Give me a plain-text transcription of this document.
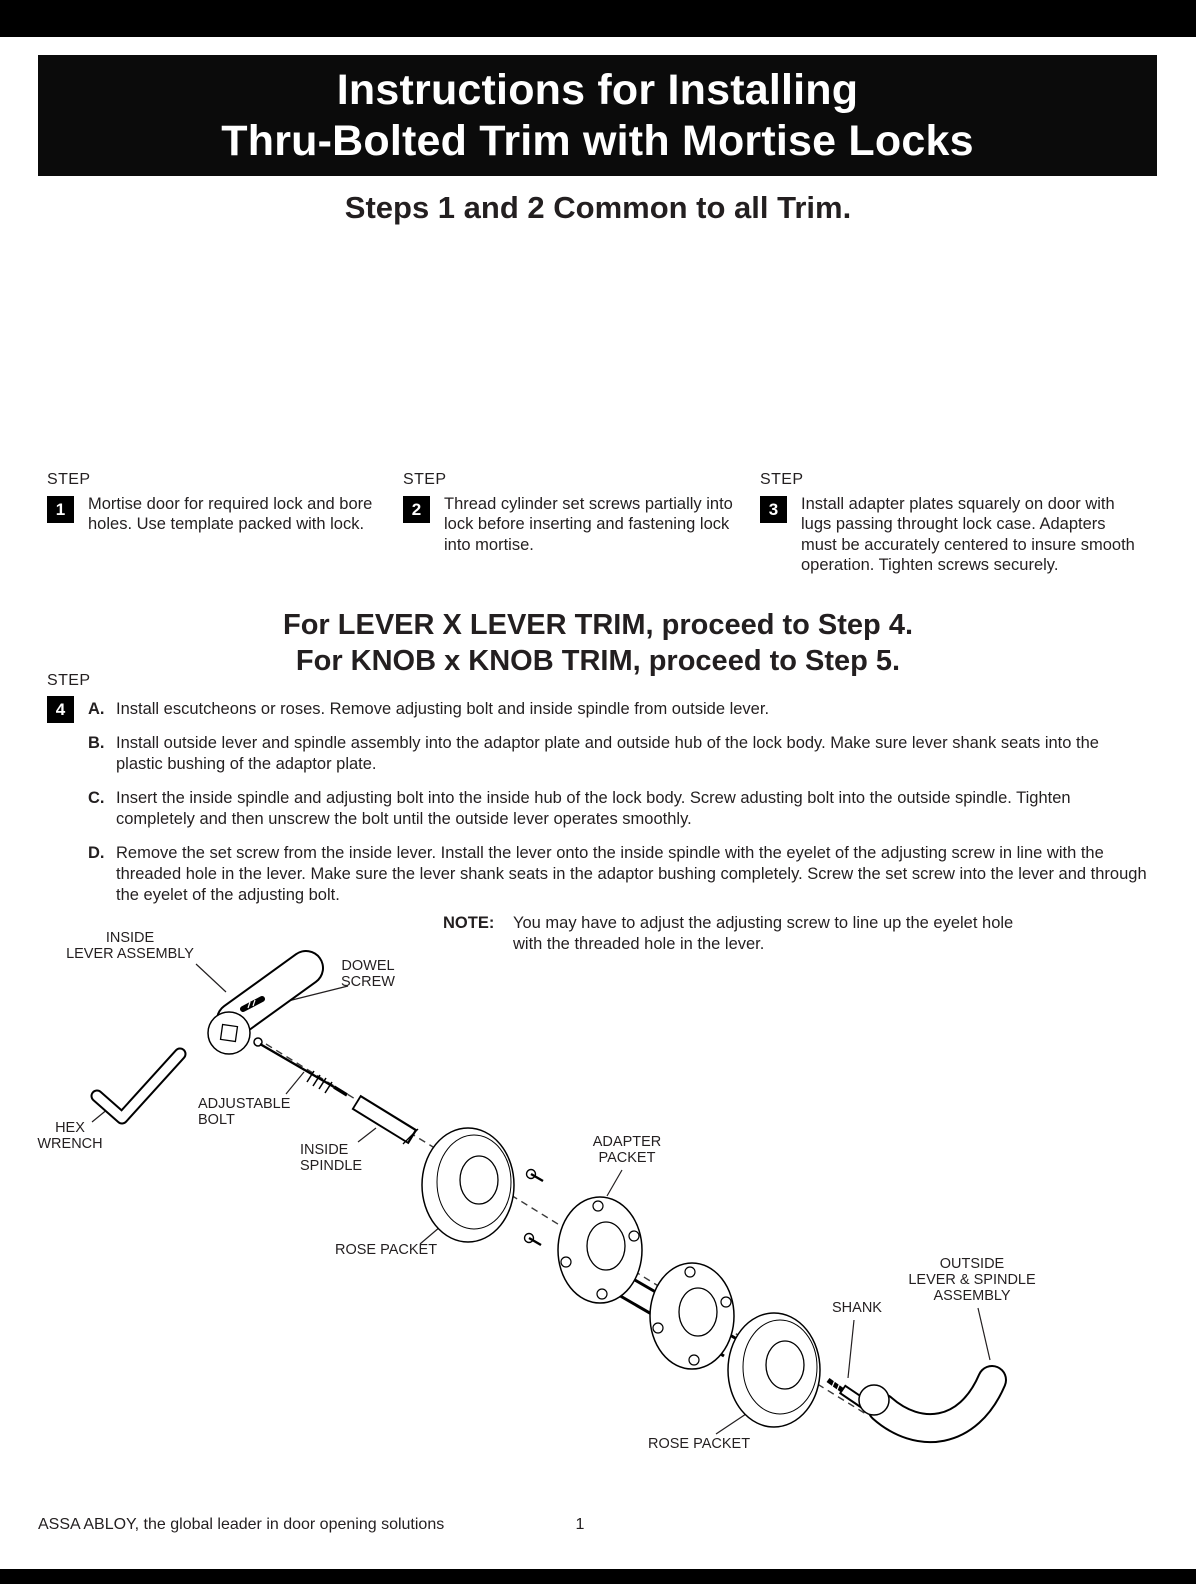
Instructions for Installing
Thru-Bolted Trim with Mortise Locks
Steps 1 and 2 Common to all Trim.
STEP
1	Mortise door for required lock and bore holes. Use template packed with lock.
STEP
2	Thread cylinder set screws partially into lock before inserting and fastening lock into mortise.
STEP
3	Install adapter plates squarely on door with lugs passing throught lock case. Adapters must be accurately centered to insure smooth operation. Tighten screws securely.
For LEVER X LEVER TRIM, proceed to Step 4.
For KNOB x KNOB TRIM, proceed to Step 5.
STEP
4	A. Install escutcheons or roses. Remove adjusting bolt and inside spindle from outside lever.
B. Install outside lever and spindle assembly into the adaptor plate and outside hub of the lock body. Make sure lever shank seats into the plastic bushing of the adaptor plate.
C. Insert the inside spindle and adjusting bolt into the inside hub of the lock body. Screw adusting bolt into the outside spindle. Tighten completely and then unscrew the bolt until the outside lever operates smoothly.
D. Remove the set screw from the inside lever. Install the lever onto the inside spindle with the eyelet of the adjusting screw in line with the threaded hole in the lever. Make sure the lever shank seats in the adaptor bushing completely. Screw the set screw into the lever and through the eyelet of the adjusting bolt.
NOTE:	You may have to adjust the adjusting screw to line up the eyelet hole with the threaded hole in the lever.
INSIDE
LEVER ASSEMBLY
DOWEL
SCREW
ADJUSTABLE
BOLT
HEX
WRENCH	INSIDE
SPINDLE
ROSE PACKET
ADAPTER
PACKET
SHANK
OUTSIDE
LEVER & SPINDLE
ASSEMBLY
ROSE PACKET
ASSA ABLOY, the global leader in door opening solutions	1
